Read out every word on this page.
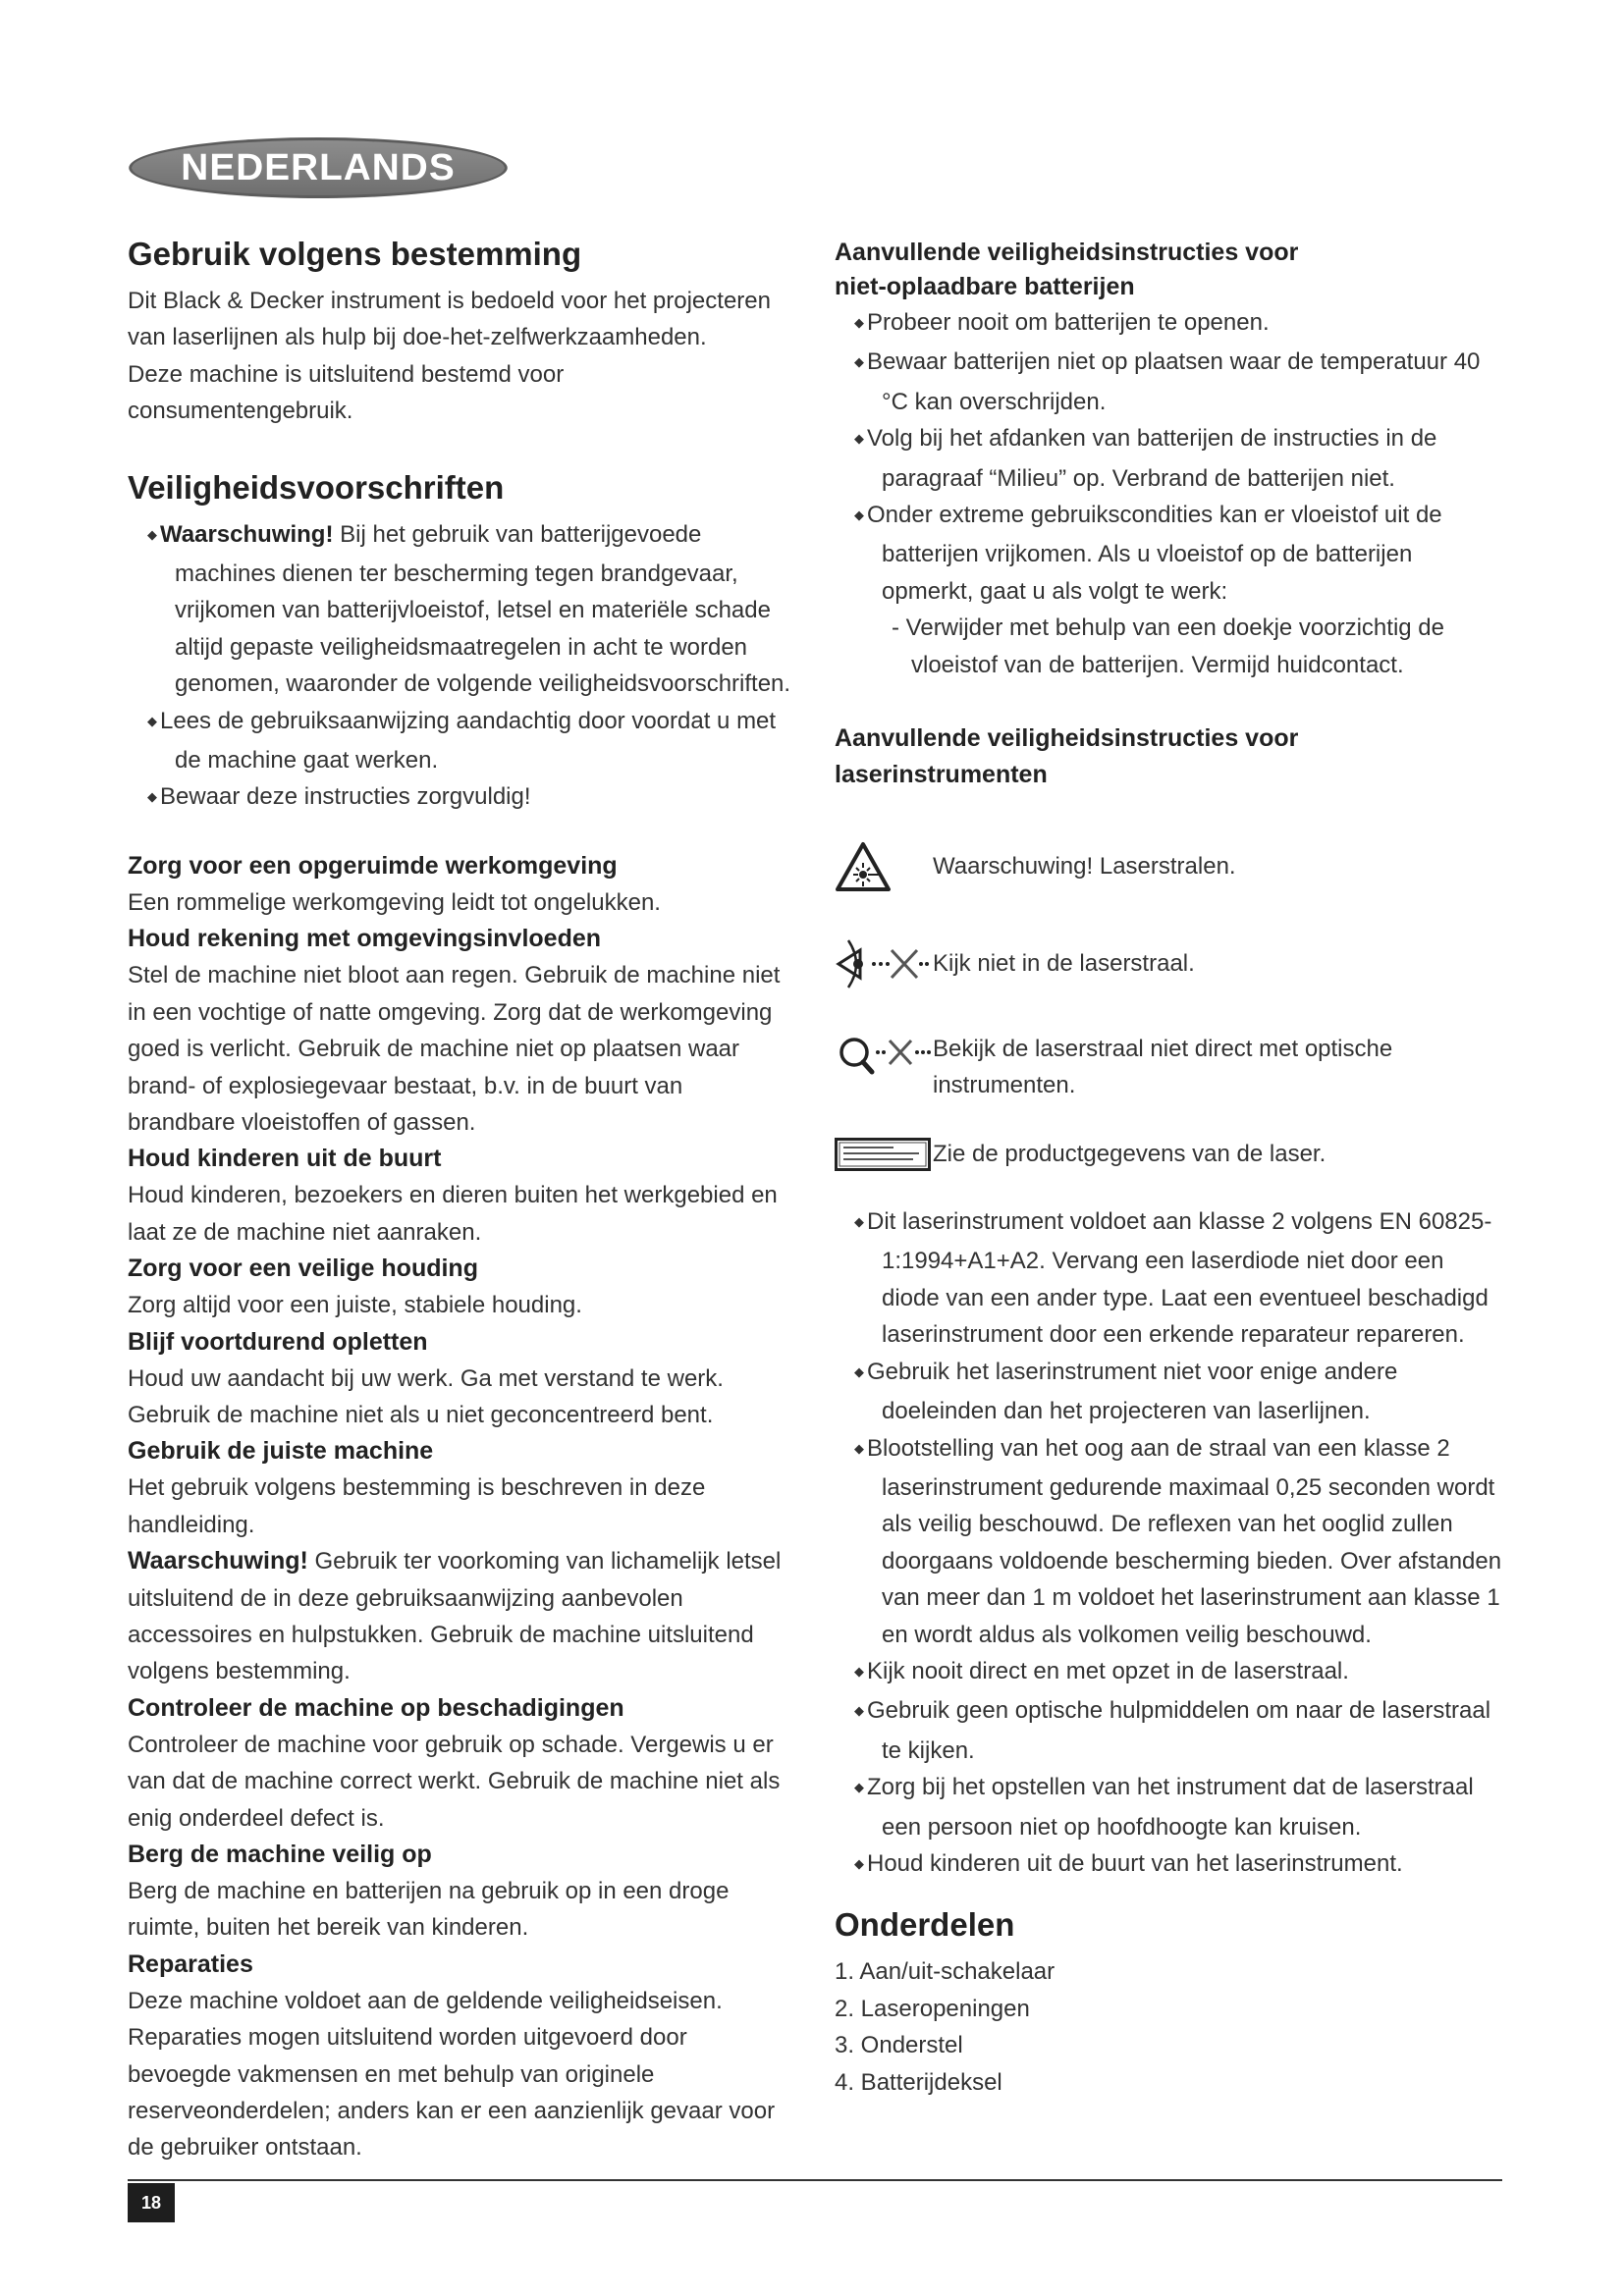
NEDERLANDS
Gebruik volgens bestemming

Dit Black & Decker instrument is bedoeld voor het projecteren

van laserlijnen als hulp bij doe-het-zelfwerkzaamheden.

Deze machine is uitsluitend bestemd voor consumentengebruik.

Veiligheidsvoorschriften

◆ Waarschuwing! Bij het gebruik van batterijgevoede machines dienen ter bescherming tegen brandgevaar, vrijkomen van batterijvloeistof, letsel en materiële schade altijd gepaste veiligheidsmaatregelen in acht te worden genomen, waaronder de volgende veiligheidsvoorschriften.

◆ Lees de gebruiksaanwijzing aandachtig door voordat u met de machine gaat werken.

◆ Bewaar deze instructies zorgvuldig!

Zorg voor een opgeruimde werkomgeving

Een rommelige werkomgeving leidt tot ongelukken.

Houd rekening met omgevingsinvloeden

Stel de machine niet bloot aan regen. Gebruik de machine niet in een vochtige of natte omgeving. Zorg dat de werkomgeving goed is verlicht. Gebruik de machine niet op plaatsen waar brand- of explosiegevaar bestaat, b.v. in de buurt van brandbare vloeistoffen of gassen.

Houd kinderen uit de buurt

Houd kinderen, bezoekers en dieren buiten het werkgebied en laat ze de machine niet aanraken.

Zorg voor een veilige houding

Zorg altijd voor een juiste, stabiele houding.

Blijf voortdurend opletten

Houd uw aandacht bij uw werk. Ga met verstand te werk. Gebruik de machine niet als u niet geconcentreerd bent.

Gebruik de juiste machine

Het gebruik volgens bestemming is beschreven in deze handleiding.

Waarschuwing! Gebruik ter voorkoming van lichamelijk letsel uitsluitend de in deze gebruiksaanwijzing aanbevolen accessoires en hulpstukken. Gebruik de machine uitsluitend volgens bestemming.

Controleer de machine op beschadigingen

Controleer de machine voor gebruik op schade. Vergewis u er van dat de machine correct werkt. Gebruik de machine niet als enig onderdeel defect is.

Berg de machine veilig op

Berg de machine en batterijen na gebruik op in een droge ruimte, buiten het bereik van kinderen.

Reparaties

Deze machine voldoet aan de geldende veiligheidseisen. Reparaties mogen uitsluitend worden uitgevoerd door bevoegde vakmensen en met behulp van originele reserveonderdelen; anders kan er een aanzienlijk gevaar voor de gebruiker ontstaan.

Aanvullende veiligheidsinstructies voor
niet-oplaadbare batterijen

◆ Probeer nooit om batterijen te openen.

◆ Bewaar batterijen niet op plaatsen waar de temperatuur 40 °C kan overschrijden.

◆ Volg bij het afdanken van batterijen de instructies in de paragraaf “Milieu” op. Verbrand de batterijen niet.

◆ Onder extreme gebruikscondities kan er vloeistof uit de batterijen vrijkomen. Als u vloeistof op de batterijen opmerkt, gaat u als volgt te werk:

- Verwijder met behulp van een doekje voorzichtig de vloeistof van de batterijen. Vermijd huidcontact.

Aanvullende veiligheidsinstructies voor laserinstrumenten
Waarschuwing! Laserstralen.
Kijk niet in de laserstraal.
Bekijk de laserstraal niet direct met optische instrumenten.
Zie de productgegevens van de laser.

◆ Dit laserinstrument voldoet aan klasse 2 volgens EN 60825-1:1994+A1+A2. Vervang een laserdiode niet door een diode van een ander type. Laat een eventueel beschadigd laserinstrument door een erkende reparateur repareren.

◆ Gebruik het laserinstrument niet voor enige andere doeleinden dan het projecteren van laserlijnen.

◆ Blootstelling van het oog aan de straal van een klasse 2 laserinstrument gedurende maximaal 0,25 seconden wordt als veilig beschouwd. De reflexen van het ooglid zullen doorgaans voldoende bescherming bieden. Over afstanden van meer dan 1 m voldoet het laserinstrument aan klasse 1 en wordt aldus als volkomen veilig beschouwd.

◆ Kijk nooit direct en met opzet in de laserstraal.

◆ Gebruik geen optische hulpmiddelen om naar de laserstraal te kijken.

◆ Zorg bij het opstellen van het instrument dat de laserstraal een persoon niet op hoofdhoogte kan kruisen.

◆ Houd kinderen uit de buurt van het laserinstrument.

Onderdelen

1. Aan/uit-schakelaar

2. Laseropeningen

3. Onderstel

4. Batterijdeksel

18
